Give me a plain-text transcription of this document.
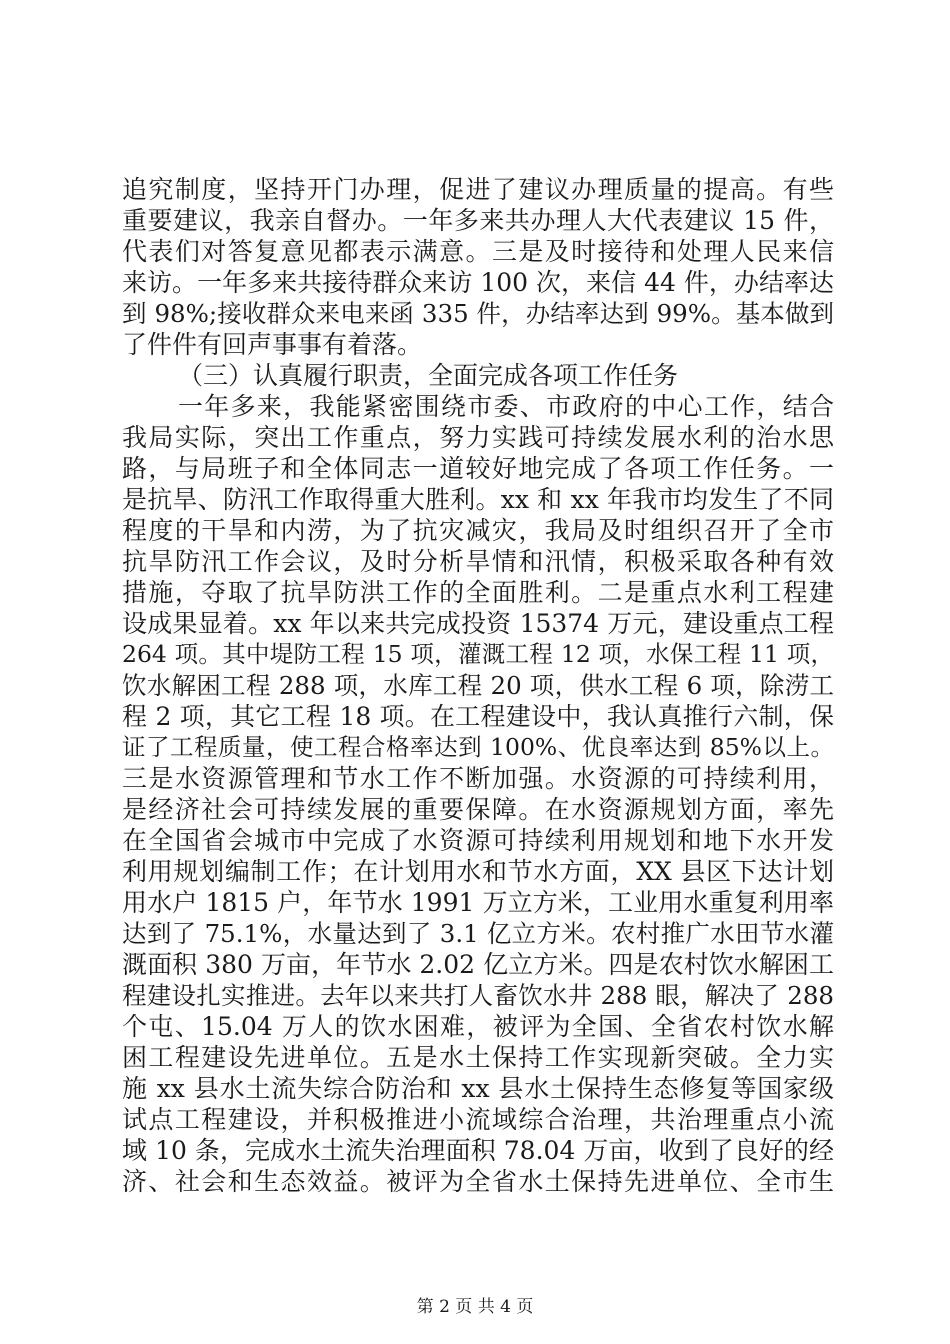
追究制度，坚持开门办理，促进了建议办理质量的提高。有些
重要建议，我亲自督办。一年多来共办理人大代表建议 15 件，
代表们对答复意见都表示满意。三是及时接待和处理人民来信
来访。一年多来共接待群众来访 100 次，来信 44 件，办结率达
到 98%;接收群众来电来函 335 件，办结率达到 99%。基本做到
了件件有回声事事有着落。
（三）认真履行职责，全面完成各项工作任务
一年多来，我能紧密围绕市委、市政府的中心工作，结合
我局实际，突出工作重点，努力实践可持续发展水利的治水思
路，与局班子和全体同志一道较好地完成了各项工作任务。一
是抗旱、防汛工作取得重大胜利。xx 和 xx 年我市均发生了不同
程度的干旱和内涝，为了抗灾减灾，我局及时组织召开了全市
抗旱防汛工作会议，及时分析旱情和汛情，积极采取各种有效
措施，夺取了抗旱防洪工作的全面胜利。二是重点水利工程建
设成果显着。xx 年以来共完成投资 15374 万元，建设重点工程
264 项。其中堤防工程 15 项，灌溉工程 12 项，水保工程 11 项，
饮水解困工程 288 项，水库工程 20 项，供水工程 6 项，除涝工
程 2 项，其它工程 18 项。在工程建设中，我认真推行六制，保
证了工程质量，使工程合格率达到 100%、优良率达到 85%以上。
三是水资源管理和节水工作不断加强。水资源的可持续利用，
是经济社会可持续发展的重要保障。在水资源规划方面，率先
在全国省会城市中完成了水资源可持续利用规划和地下水开发
利用规划编制工作；在计划用水和节水方面，XX 县区下达计划
用水户 1815 户，年节水 1991 万立方米，工业用水重复利用率
达到了 75.1%，水量达到了 3.1 亿立方米。农村推广水田节水灌
溉面积 380 万亩，年节水 2.02 亿立方米。四是农村饮水解困工
程建设扎实推进。去年以来共打人畜饮水井 288 眼，解决了 288
个屯、15.04 万人的饮水困难，被评为全国、全省农村饮水解
困工程建设先进单位。五是水土保持工作实现新突破。全力实
施 xx 县水土流失综合防治和 xx 县水土保持生态修复等国家级
试点工程建设，并积极推进小流域综合治理，共治理重点小流
域 10 条，完成水土流失治理面积 78.04 万亩，收到了良好的经
济、社会和生态效益。被评为全省水土保持先进单位、全市生
第 2 页 共 4 页
